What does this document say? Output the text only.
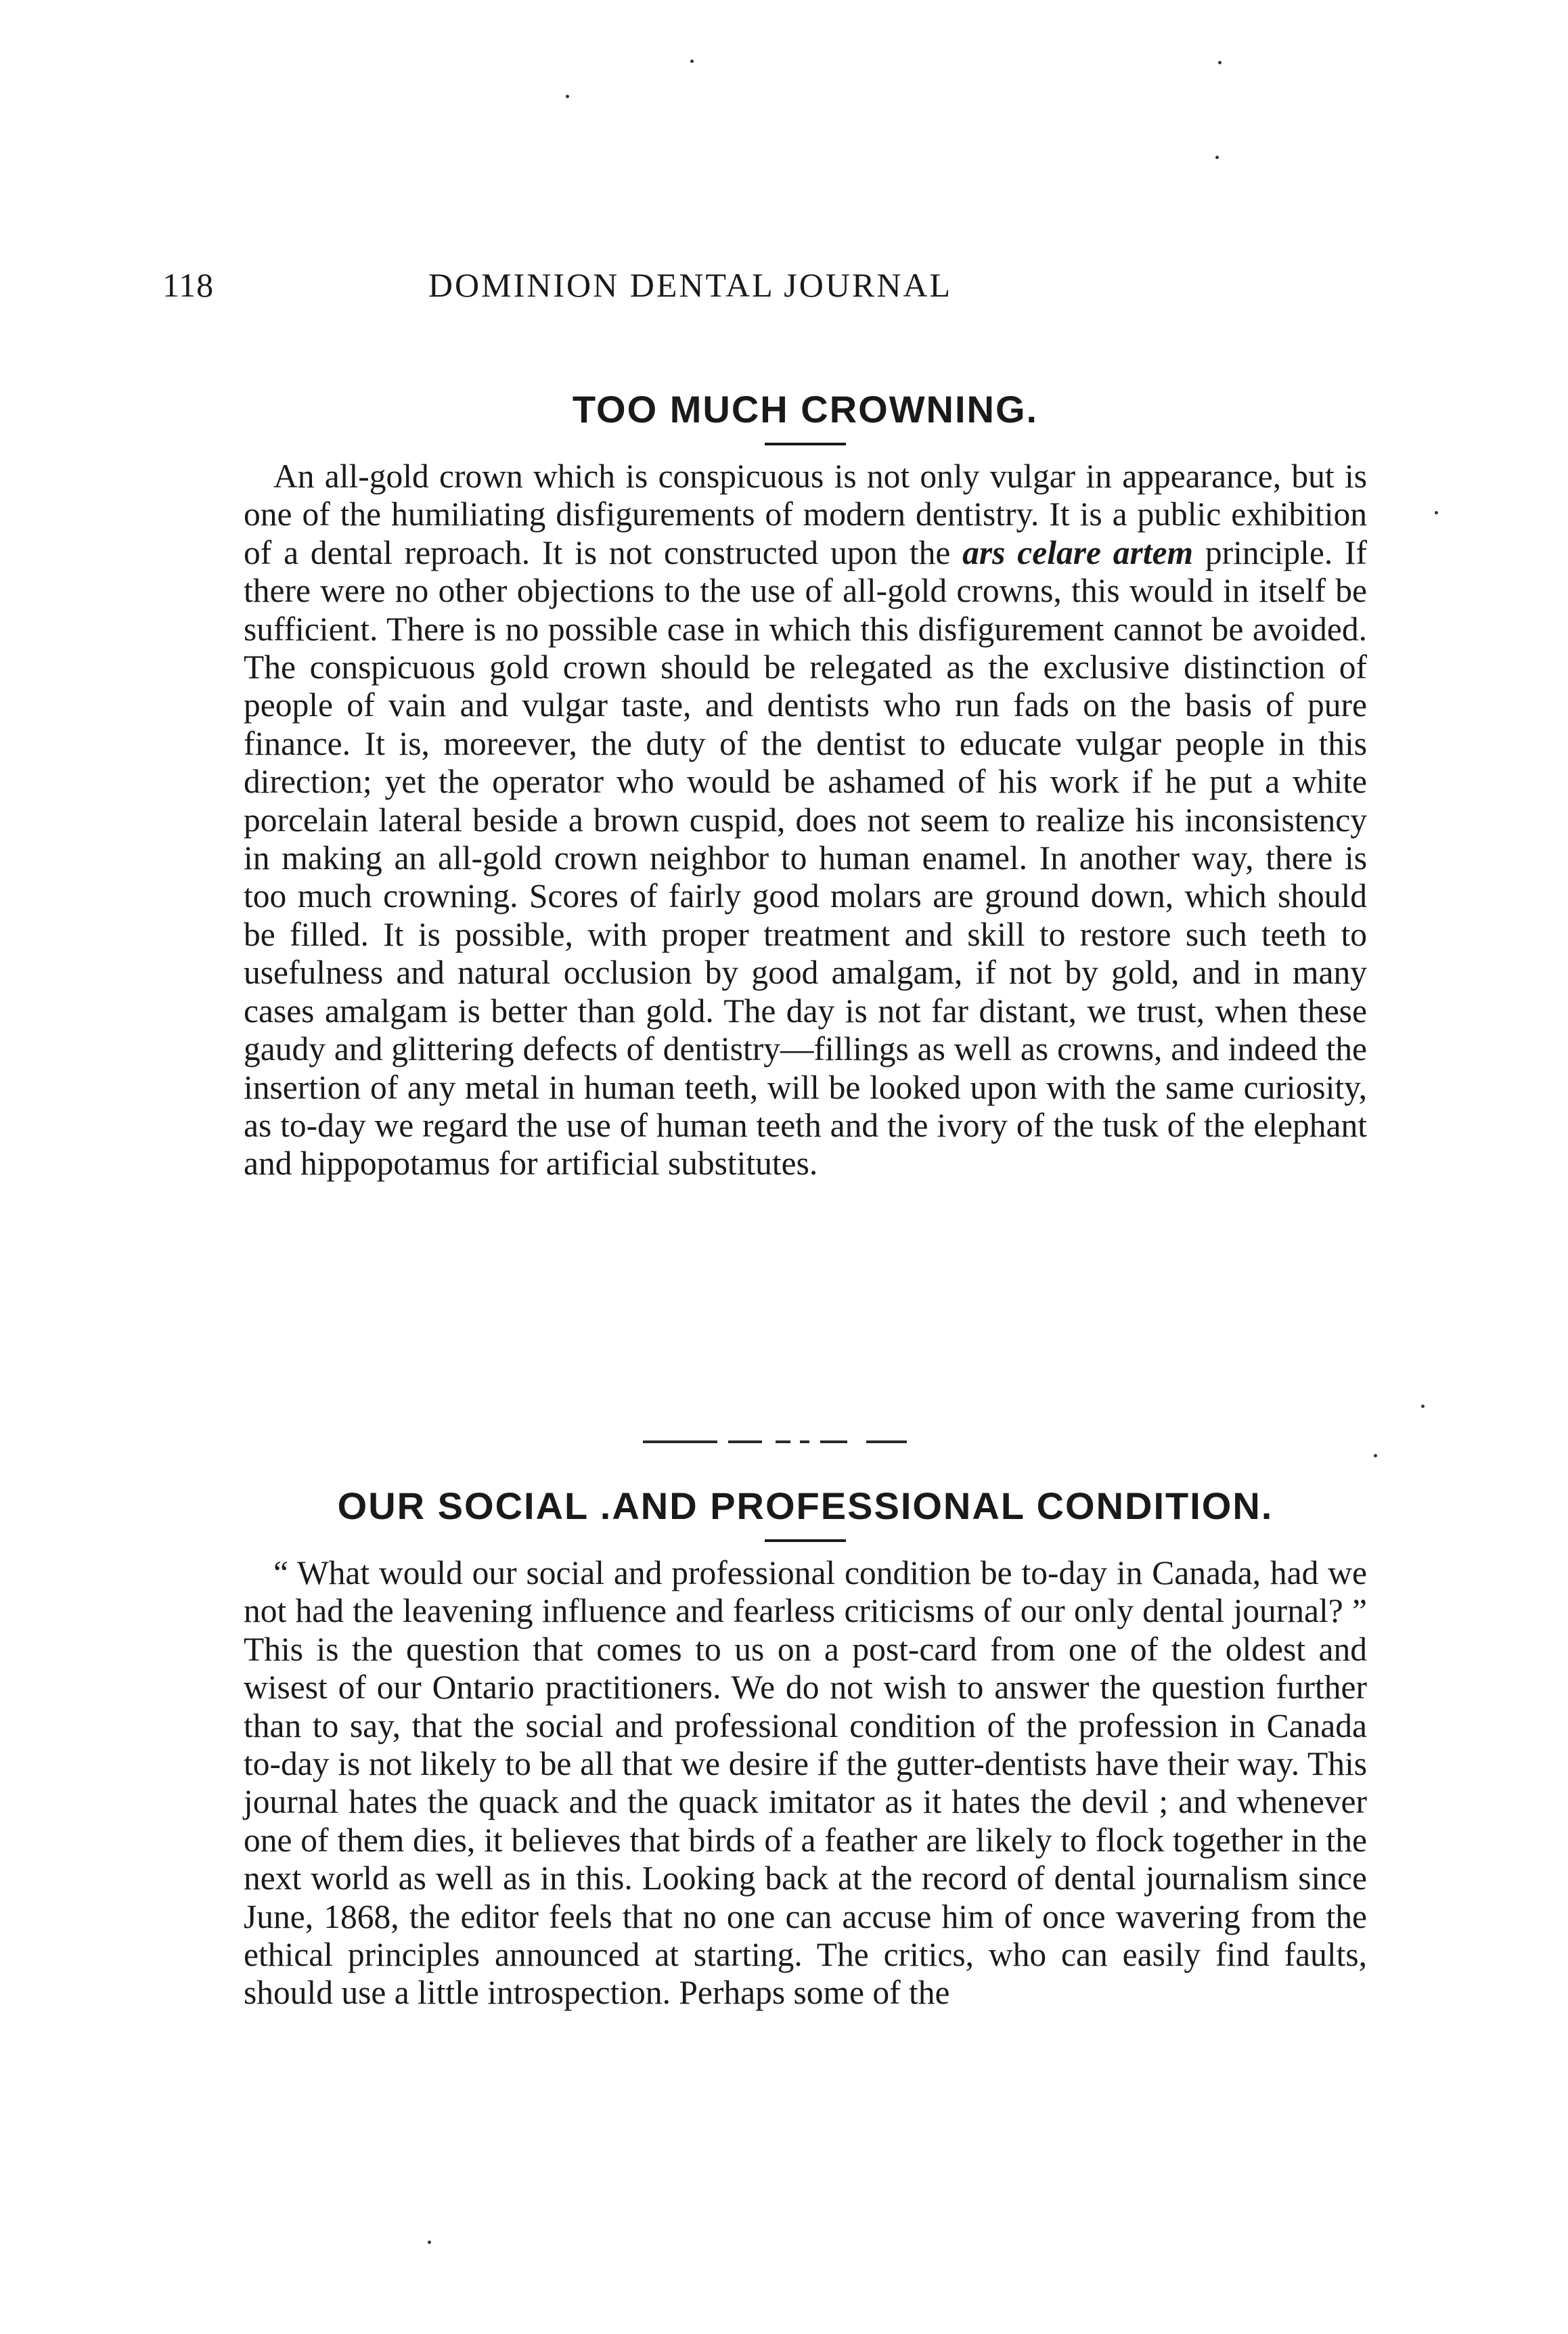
118	DOMINION DENTAL JOURNAL
TOO MUCH CROWNING.

An all-gold crown which is conspicuous is not only vulgar in appearance, but is one of the humiliating disfigurements of modern dentistry. It is a public exhibition of a dental reproach. It is not constructed upon the ars celare artem principle. If there were no other objections to the use of all-gold crowns, this would in itself be sufficient. There is no possible case in which this disfigurement cannot be avoided. The conspicuous gold crown should be relegated as the exclusive distinction of people of vain and vulgar taste, and dentists who run fads on the basis of pure finance. It is, moreever, the duty of the dentist to educate vulgar people in this direction; yet the operator who would be ashamed of his work if he put a white porcelain lateral beside a brown cuspid, does not seem to realize his inconsistency in making an all-gold crown neighbor to human enamel. In another way, there is too much crowning. Scores of fairly good molars are ground down, which should be filled. It is possible, with proper treatment and skill to restore such teeth to usefulness and natural occlusion by good amalgam, if not by gold, and in many cases amalgam is better than gold. The day is not far distant, we trust, when these gaudy and glittering defects of dentistry—fillings as well as crowns, and indeed the insertion of any metal in human teeth, will be looked upon with the same curiosity, as to-day we regard the use of human teeth and the ivory of the tusk of the elephant and hippopotamus for artificial substitutes.

OUR SOCIAL .AND PROFESSIONAL CONDITION.

“ What would our social and professional condition be to-day in Canada, had we not had the leavening influence and fearless criticisms of our only dental journal? ” This is the question that comes to us on a post-card from one of the oldest and wisest of our Ontario practitioners. We do not wish to answer the question further than to say, that the social and professional condition of the profession in Canada to-day is not likely to be all that we desire if the gutter-dentists have their way. This journal hates the quack and the quack imitator as it hates the devil ; and whenever one of them dies, it believes that birds of a feather are likely to flock together in the next world as well as in this. Looking back at the record of dental journalism since June, 1868, the editor feels that no one can accuse him of once wavering from the ethical principles announced at starting. The critics, who can easily find faults, should use a little introspection. Perhaps some of the
